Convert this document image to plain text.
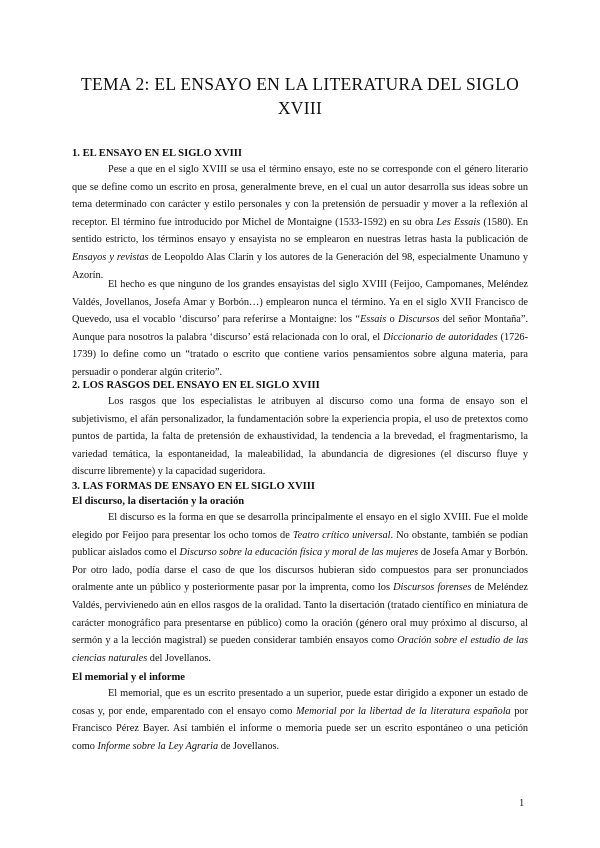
TEMA 2: EL ENSAYO EN LA LITERATURA DEL SIGLO XVIII
1. EL ENSAYO EN EL SIGLO XVIII

Pese a que en el siglo XVIII se usa el término ensayo, este no se corresponde con el género literario que se define como un escrito en prosa, generalmente breve, en el cual un autor desarrolla sus ideas sobre un tema determinado con carácter y estilo personales y con la pretensión de persuadir y mover a la reflexión al receptor. El término fue introducido por Michel de Montaigne (1533-1592) en su obra Les Essais (1580). En sentido estricto, los términos ensayo y ensayista no se emplearon en nuestras letras hasta la publicación de Ensayos y revistas de Leopoldo Alas Clarín y los autores de la Generación del 98, especialmente Unamuno y Azorín.

El hecho es que ninguno de los grandes ensayistas del siglo XVIII (Feijoo, Campomanes, Meléndez Valdés, Jovellanos, Josefa Amar y Borbón…) emplearon nunca el término. Ya en el siglo XVII Francisco de Quevedo, usa el vocablo ‘discurso’ para referirse a Montaigne: los “Essais o Discursos del señor Montaña”. Aunque para nosotros la palabra ‘discurso’ está relacionada con lo oral, el Diccionario de autoridades (1726-1739) lo define como un “tratado o escrito que contiene varios pensamientos sobre alguna materia, para persuadir o ponderar algún criterio”.

2. LOS RASGOS DEL ENSAYO EN EL SIGLO XVIII

Los rasgos que los especialistas le atribuyen al discurso como una forma de ensayo son el subjetivismo, el afán personalizador, la fundamentación sobre la experiencia propia, el uso de pretextos como puntos de partida, la falta de pretensión de exhaustividad, la tendencia a la brevedad, el fragmentarismo, la variedad temática, la espontaneidad, la maleabilidad, la abundancia de digresiones (el discurso fluye y discurre libremente) y la capacidad sugeridora.

3. LAS FORMAS DE ENSAYO EN EL SIGLO XVIII
El discurso, la disertación y la oración

El discurso es la forma en que se desarrolla principalmente el ensayo en el siglo XVIII. Fue el molde elegido por Feijoo para presentar los ocho tomos de Teatro crítico universal. No obstante, también se podían publicar aislados como el Discurso sobre la educación física y moral de las mujeres de Josefa Amar y Borbón. Por otro lado, podía darse el caso de que los discursos hubieran sido compuestos para ser pronunciados oralmente ante un público y posteriormente pasar por la imprenta, como los Discursos forenses de Meléndez Valdés, pervivienedo aún en ellos rasgos de la oralidad. Tanto la disertación (tratado científico en miniatura de carácter monográfico para presentarse en público) como la oración (género oral muy próximo al discurso, al sermón y a la lección magistral) se pueden considerar también ensayos como Oración sobre el estudio de las ciencias naturales del Jovellanos.

El memorial y el informe

El memorial, que es un escrito presentado a un superior, puede estar dirigido a exponer un estado de cosas y, por ende, emparentado con el ensayo como Memorial por la libertad de la literatura española por Francisco Pérez Bayer. Así también el informe o memoria puede ser un escrito espontáneo o una petición como Informe sobre la Ley Agraria de Jovellanos.

1
